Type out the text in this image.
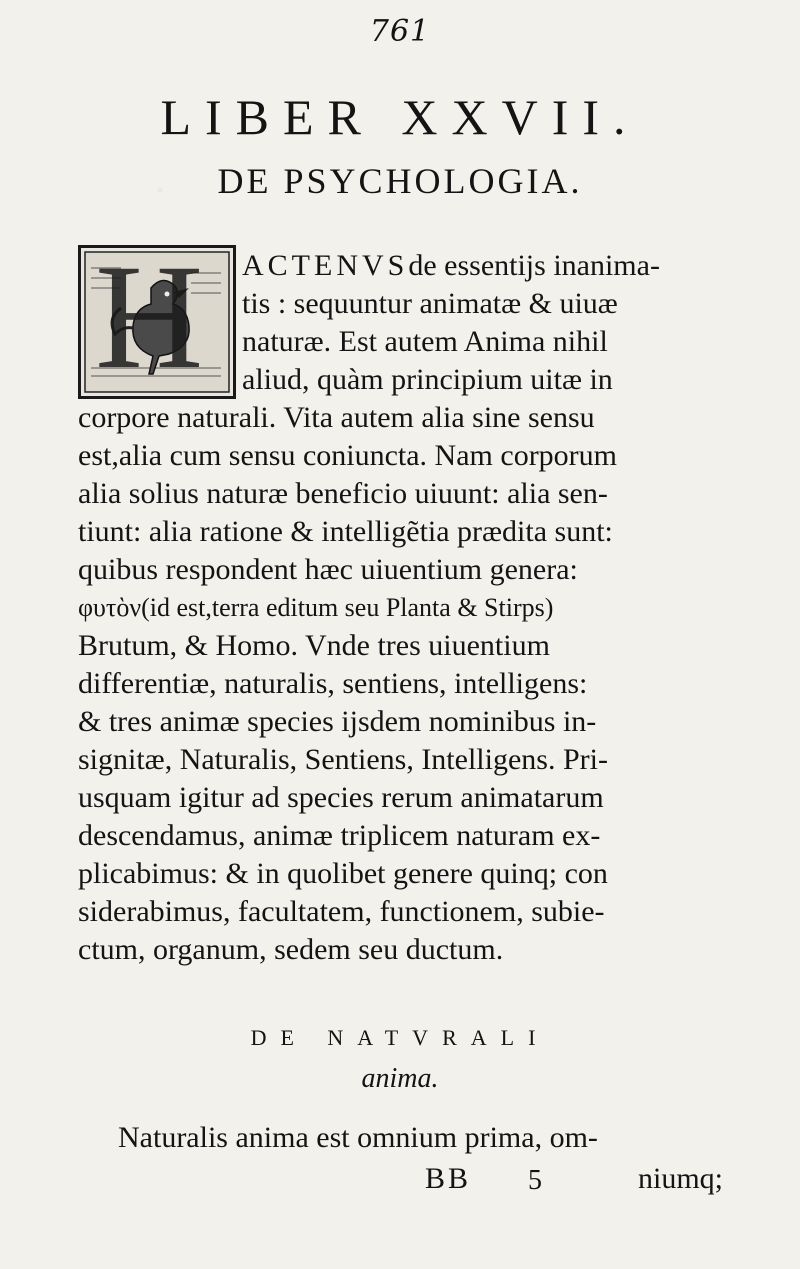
761
LIBER XXVII.
DE PSYCHOLOGIA.
H ACTENVSde essentijs inanima-
tis : sequuntur animatæ & uiuæ
naturæ. Est autem Anima nihil
aliud, quàm principium uitæ in
corpore naturali. Vita autem alia sine sensu
est,alia cum sensu coniuncta. Nam corporum
alia solius naturæ beneficio uiuunt: alia sen-
tiunt: alia ratione & intelligẽtia prædita sunt:
quibus respondent hæc uiuentium genera:
φυτὸν(id est,terra editum seu Planta & Stirps)
Brutum, & Homo. Vnde tres uiuentium
differentiæ, naturalis, sentiens, intelligens:
& tres animæ species ijsdem nominibus in-
signitæ, Naturalis, Sentiens, Intelligens. Pri-
usquam igitur ad species rerum animatarum
descendamus, animæ triplicem naturam ex-
plicabimus: & in quolibet genere quinq; con
siderabimus, facultatem, functionem, subie-
ctum, organum, sedem seu ductum.
DE NATVRALI
anima.
Naturalis anima est omnium prima, om-
BB 5	niumq;
